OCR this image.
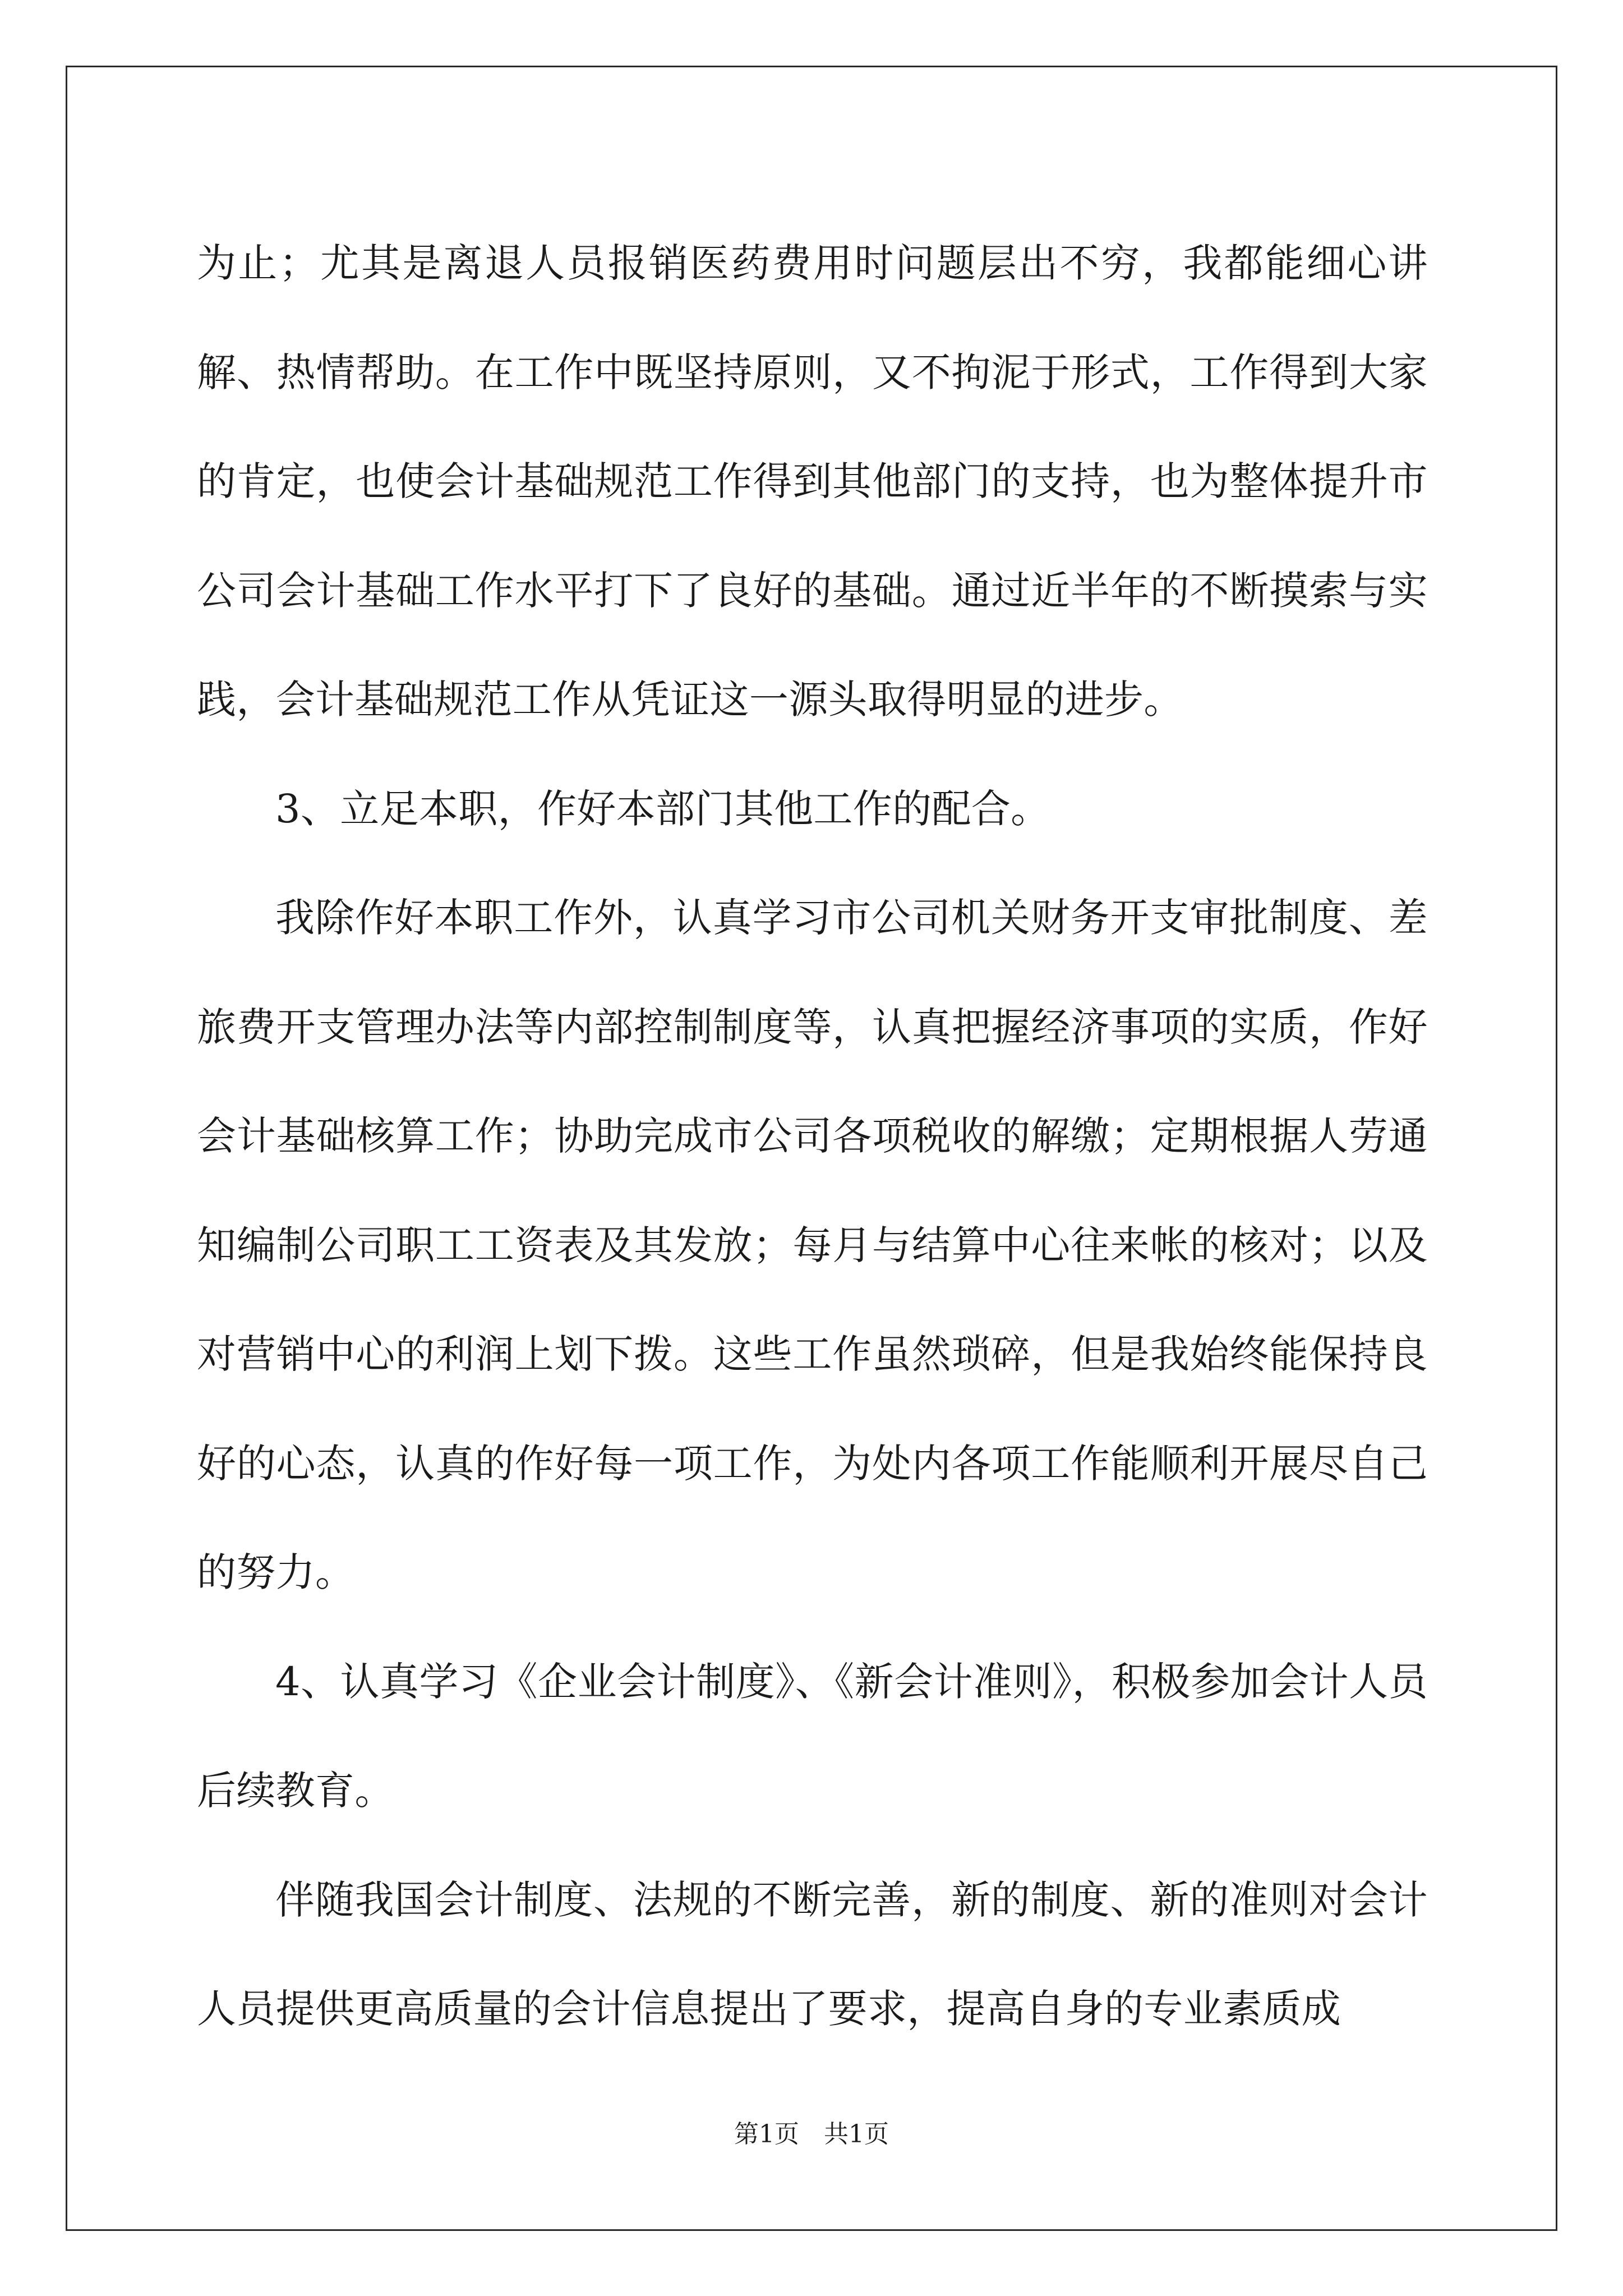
为止；尤其是离退人员报销医药费用时问题层出不穷，我都能细心讲解、热情帮助。在工作中既坚持原则，又不拘泥于形式，工作得到大家的肯定，也使会计基础规范工作得到其他部门的支持，也为整体提升市公司会计基础工作水平打下了良好的基础。通过近半年的不断摸索与实践，会计基础规范工作从凭证这一源头取得明显的进步。

3、立足本职，作好本部门其他工作的配合。

我除作好本职工作外，认真学习市公司机关财务开支审批制度、差旅费开支管理办法等内部控制制度等，认真把握经济事项的实质，作好会计基础核算工作；协助完成市公司各项税收的解缴；定期根据人劳通知编制公司职工工资表及其发放；每月与结算中心往来帐的核对；以及对营销中心的利润上划下拨。这些工作虽然琐碎，但是我始终能保持良好的心态，认真的作好每一项工作，为处内各项工作能顺利开展尽自己的努力。

4、认真学习《企业会计制度》、《新会计准则》，积极参加会计人员后续教育。

伴随我国会计制度、法规的不断完善，新的制度、新的准则对会计人员提供更高质量的会计信息提出了要求，提高自身的专业素质成

第1页 共1页
